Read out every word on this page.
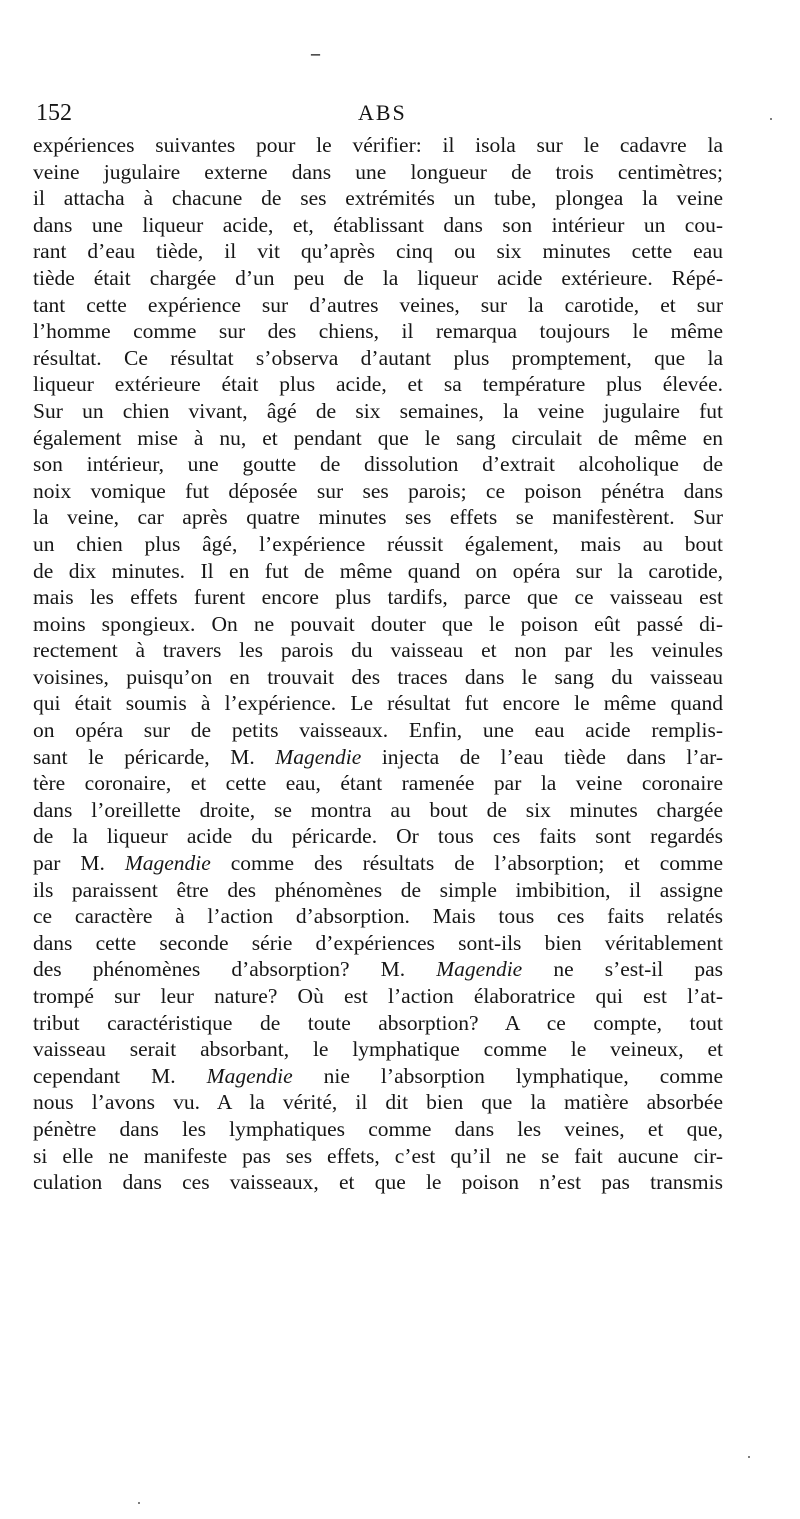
–
152	ABS
expériences suivantes pour le vérifier: il isola sur le cadavre la
veine jugulaire externe dans une longueur de trois centimètres;
il attacha à chacune de ses extrémités un tube, plongea la veine
dans une liqueur acide, et, établissant dans son intérieur un cou-
rant d’eau tiède, il vit qu’après cinq ou six minutes cette eau
tiède était chargée d’un peu de la liqueur acide extérieure. Répé-
tant cette expérience sur d’autres veines, sur la carotide, et sur
l’homme comme sur des chiens, il remarqua toujours le même
résultat. Ce résultat s’observa d’autant plus promptement, que la
liqueur extérieure était plus acide, et sa température plus élevée.
Sur un chien vivant, âgé de six semaines, la veine jugulaire fut
également mise à nu, et pendant que le sang circulait de même en
son intérieur, une goutte de dissolution d’extrait alcoholique de
noix vomique fut déposée sur ses parois; ce poison pénétra dans
la veine, car après quatre minutes ses effets se manifestèrent. Sur
un chien plus âgé, l’expérience réussit également, mais au bout
de dix minutes. Il en fut de même quand on opéra sur la carotide,
mais les effets furent encore plus tardifs, parce que ce vaisseau est
moins spongieux. On ne pouvait douter que le poison eût passé di-
rectement à travers les parois du vaisseau et non par les veinules
voisines, puisqu’on en trouvait des traces dans le sang du vaisseau
qui était soumis à l’expérience. Le résultat fut encore le même quand
on opéra sur de petits vaisseaux. Enfin, une eau acide remplis-
sant le péricarde, M. Magendie injecta de l’eau tiède dans l’ar-
tère coronaire, et cette eau, étant ramenée par la veine coronaire
dans l’oreillette droite, se montra au bout de six minutes chargée
de la liqueur acide du péricarde. Or tous ces faits sont regardés
par M. Magendie comme des résultats de l’absorption; et comme
ils paraissent être des phénomènes de simple imbibition, il assigne
ce caractère à l’action d’absorption. Mais tous ces faits relatés
dans cette seconde série d’expériences sont-ils bien véritablement
des phénomènes d’absorption? M. Magendie ne s’est-il pas
trompé sur leur nature? Où est l’action élaboratrice qui est l’at-
tribut caractéristique de toute absorption? A ce compte, tout
vaisseau serait absorbant, le lymphatique comme le veineux, et
cependant M. Magendie nie l’absorption lymphatique, comme
nous l’avons vu. A la vérité, il dit bien que la matière absorbée
pénètre dans les lymphatiques comme dans les veines, et que,
si elle ne manifeste pas ses effets, c’est qu’il ne se fait aucune cir-
culation dans ces vaisseaux, et que le poison n’est pas transmis
